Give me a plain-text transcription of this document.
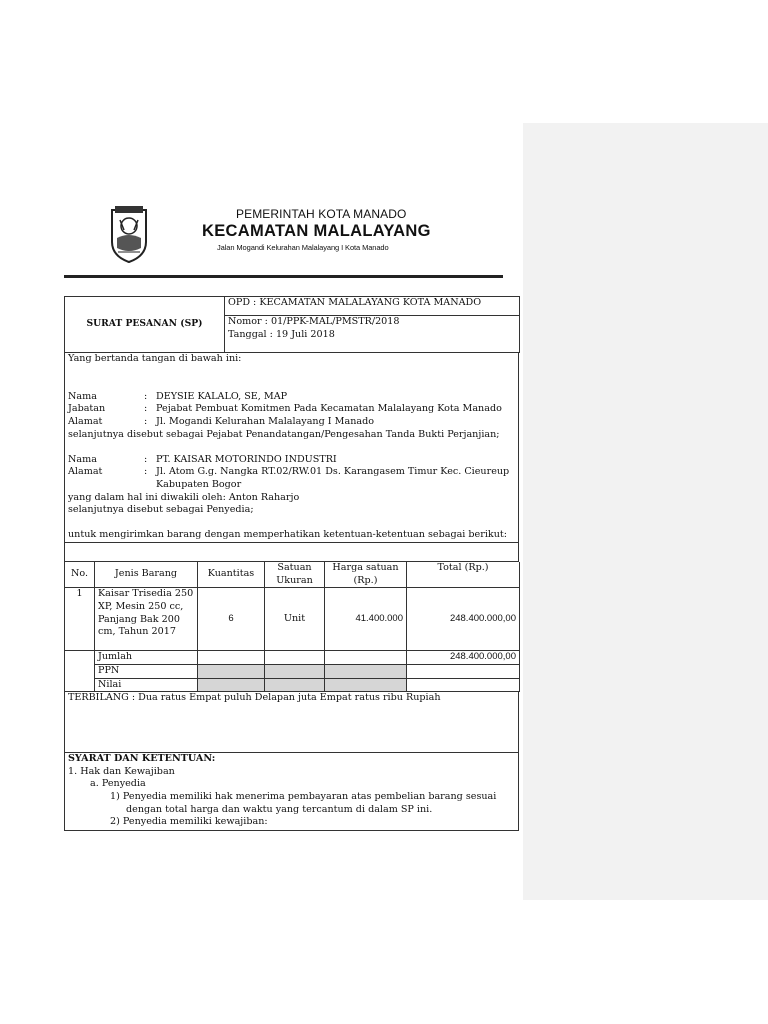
PEMERINTAH KOTA MANADO
KECAMATAN MALALAYANG
Jalan Mogandi Kelurahan Malalayang I Kota Manado
SURAT PESANAN (SP)	OPD : KECAMATAN MALALAYANG KOTA MANADO

Nomor : 01/PPK-MAL/PMSTR/2018
Tanggal : 19 Juli 2018
Yang bertanda tangan di bawah ini:

Nama	: DEYSIE KALALO, SE, MAP
Jabatan	: Pejabat Pembuat Komitmen Pada Kecamatan Malalayang Kota Manado
Alamat	: Jl. Mogandi Kelurahan Malalayang I Manado
selanjutnya disebut sebagai Pejabat Penandatangan/Pengesahan Tanda Bukti Perjanjian;

Nama	: PT. KAISAR MOTORINDO INDUSTRI
Alamat	: Jl. Atom G.g. Nangka RT.02/RW.01 Ds. Karangasem Timur Kec. Cieureup
Kabupaten Bogor
yang dalam hal ini diwakili oleh: Anton Raharjo
selanjutnya disebut sebagai Penyedia;

untuk mengirimkan barang dengan memperhatikan ketentuan-ketentuan sebagai berikut:

No.	Jenis Barang	Kuantitas	Satuan Ukuran	Harga satuan (Rp.)	Total (Rp.)
1	Kaisar Trisedia 250
XP, Mesin 250 cc,
Panjang Bak 200
cm, Tahun 2017	6	Unit	41.400.000	248.400.000,00
	Jumlah				248.400.000,00
	PPN				
	Nilai				
TERBILANG : Dua ratus Empat puluh Delapan juta Empat ratus ribu Rupiah

SYARAT DAN KETENTUAN:
1. Hak dan Kewajiban
a. Penyedia
1) Penyedia memiliki hak menerima pembayaran atas pembelian barang sesuai
dengan total harga dan waktu yang tercantum di dalam SP ini.
2) Penyedia memiliki kewajiban:
